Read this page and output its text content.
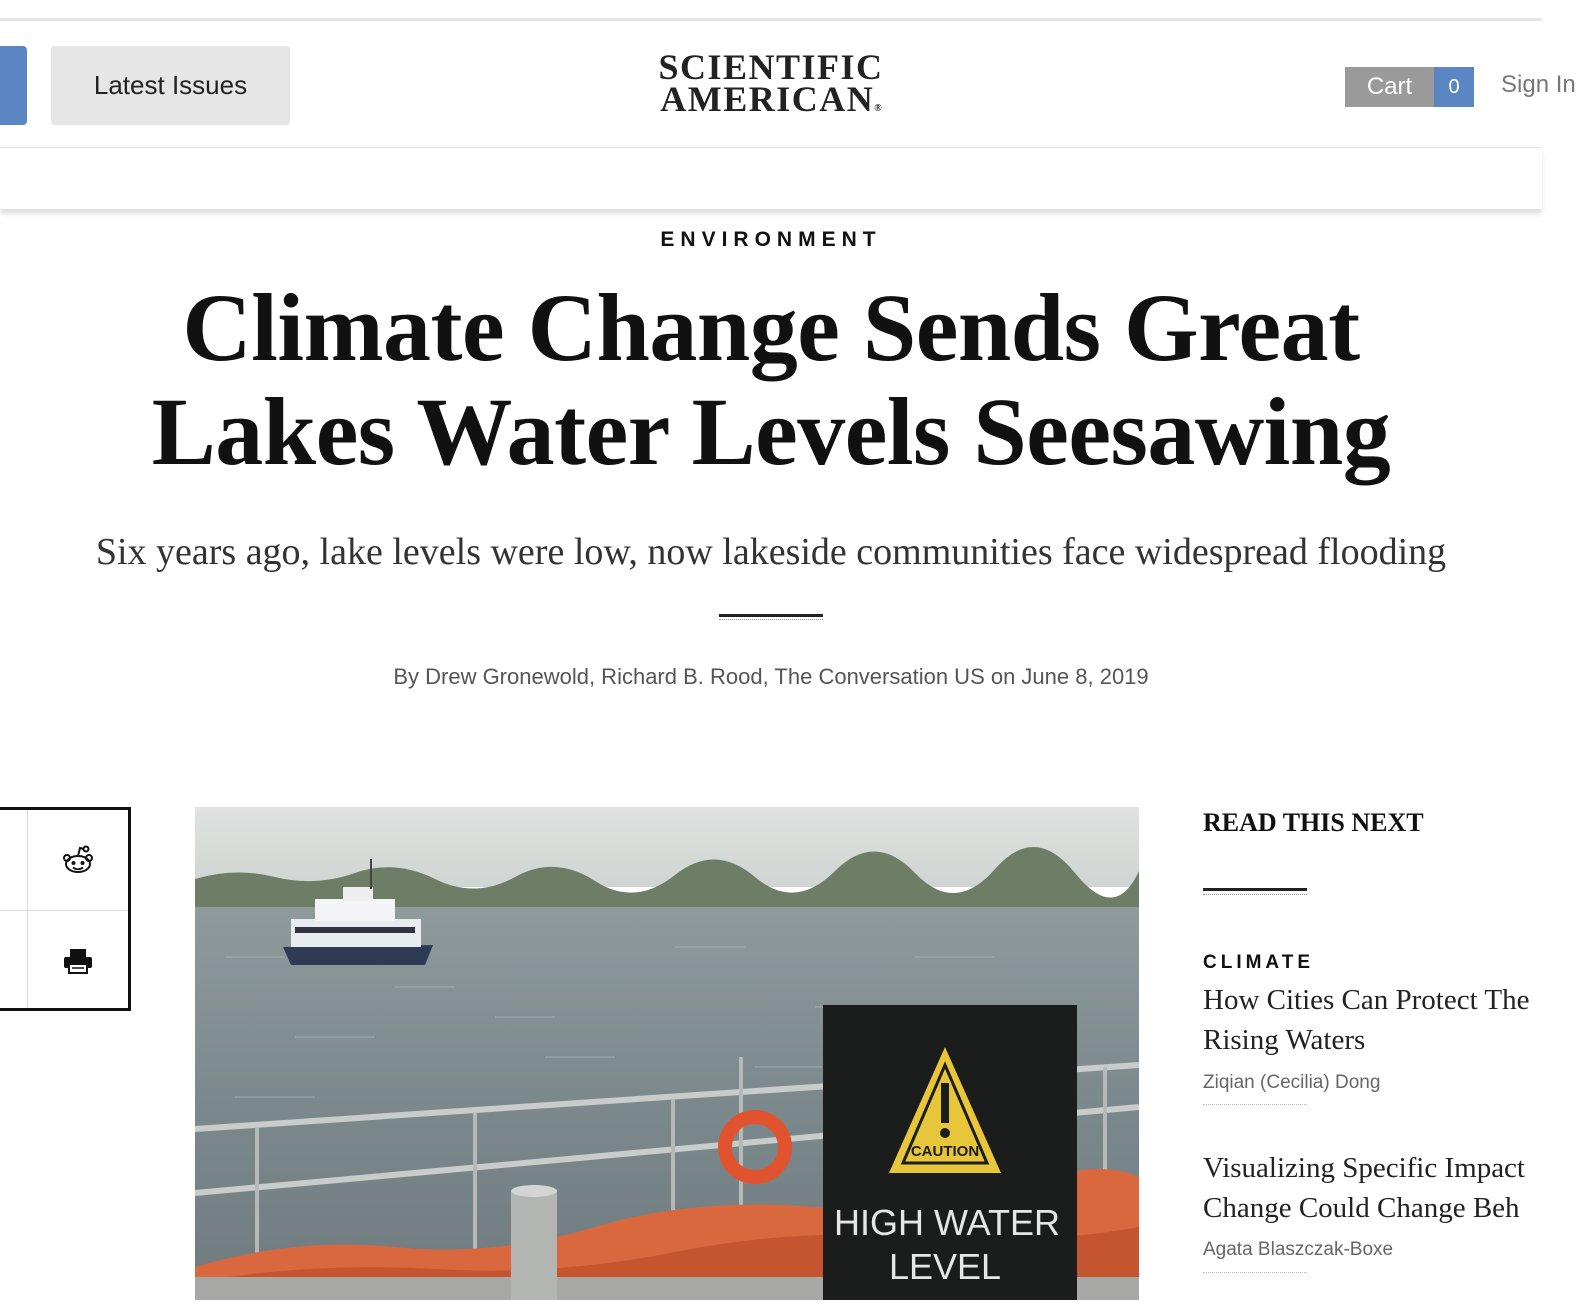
Latest Issues	SCIENTIFIC
AMERICAN®
Cart	0	Sign In
ENVIRONMENT
Climate Change Sends Great
Lakes Water Levels Seesawing

Six years ago, lake levels were low, now lakeside communities face widespread flooding

By Drew Gronewold, Richard B. Rood, The Conversation US on June 8, 2019

CAUTION
HIGH WATER
LEVEL
READ THIS NEXT
CLIMATE
How Cities Can Protect The
Rising Waters
Ziqian (Cecilia) Dong
Visualizing Specific Impact
Change Could Change Beh
Agata Blaszczak-Boxe
